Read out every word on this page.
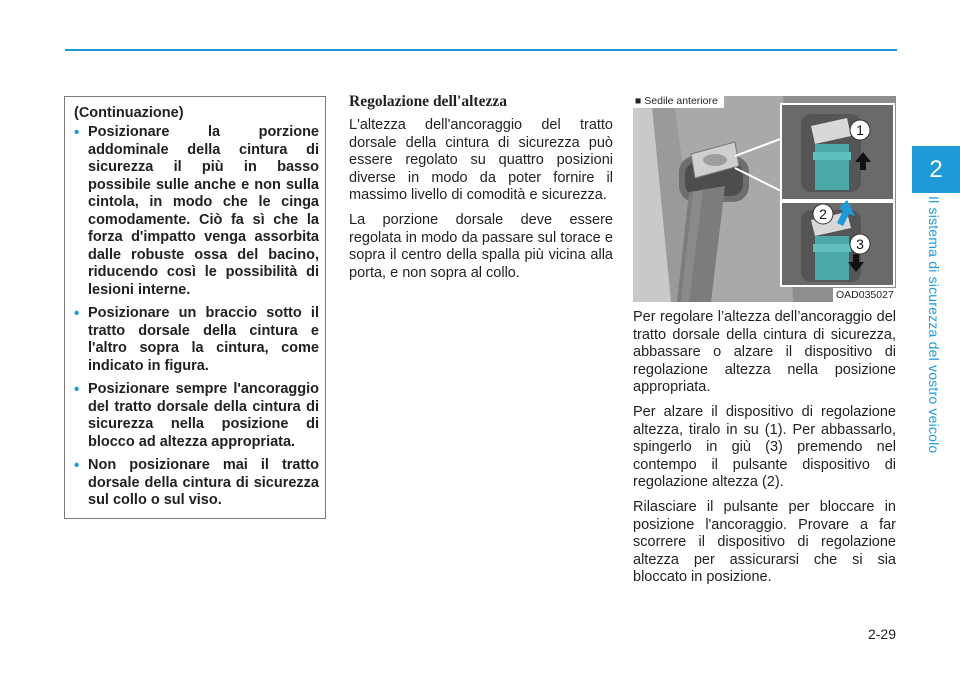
2
Il sistema di sicurezza del vostro veicolo
(Continuazione)
• Posizionare la porzione addominale della cintura di sicurezza il più in basso possibile sulle anche e non sulla cintola, in modo che le cinga comodamente. Ciò fa sì che la forza d'impatto venga assorbita dalle robuste ossa del bacino, riducendo così le possibilità di lesioni interne.
• Posizionare un braccio sotto il tratto dorsale della cintura e l'altro sopra la cintura, come indicato in figura.
• Posizionare sempre l'ancoraggio del tratto dorsale della cintura di sicurezza nella posizione di blocco ad altezza appropriata.
• Non posizionare mai il tratto dorsale della cintura di sicurezza sul collo o sul viso.
Regolazione dell'altezza

L'altezza dell'ancoraggio del tratto dorsale della cintura di sicurezza può essere regolato su quattro posizioni diverse in modo da poter fornire il massimo livello di comodità e sicurezza.

La porzione dorsale deve essere regolata in modo da passare sul torace e sopra il centro della spalla più vicina alla porta, e non sopra al collo.

■ Sedile anteriore
1
2
3
OAD035027

Per regolare l’altezza dell’ancoraggio del tratto dorsale della cintura di sicurezza, abbassare o alzare il dispositivo di regolazione altezza nella posizione appropriata.

Per alzare il dispositivo di regolazione altezza, tiralo in su (1). Per abbassarlo, spingerlo in giù (3) premendo nel contempo il pulsante dispositivo di regolazione altezza (2).

Rilasciare il pulsante per bloccare in posizione l'ancoraggio. Provare a far scorrere il dispositivo di regolazione altezza per assicurarsi che si sia bloccato in posizione.

2-29
